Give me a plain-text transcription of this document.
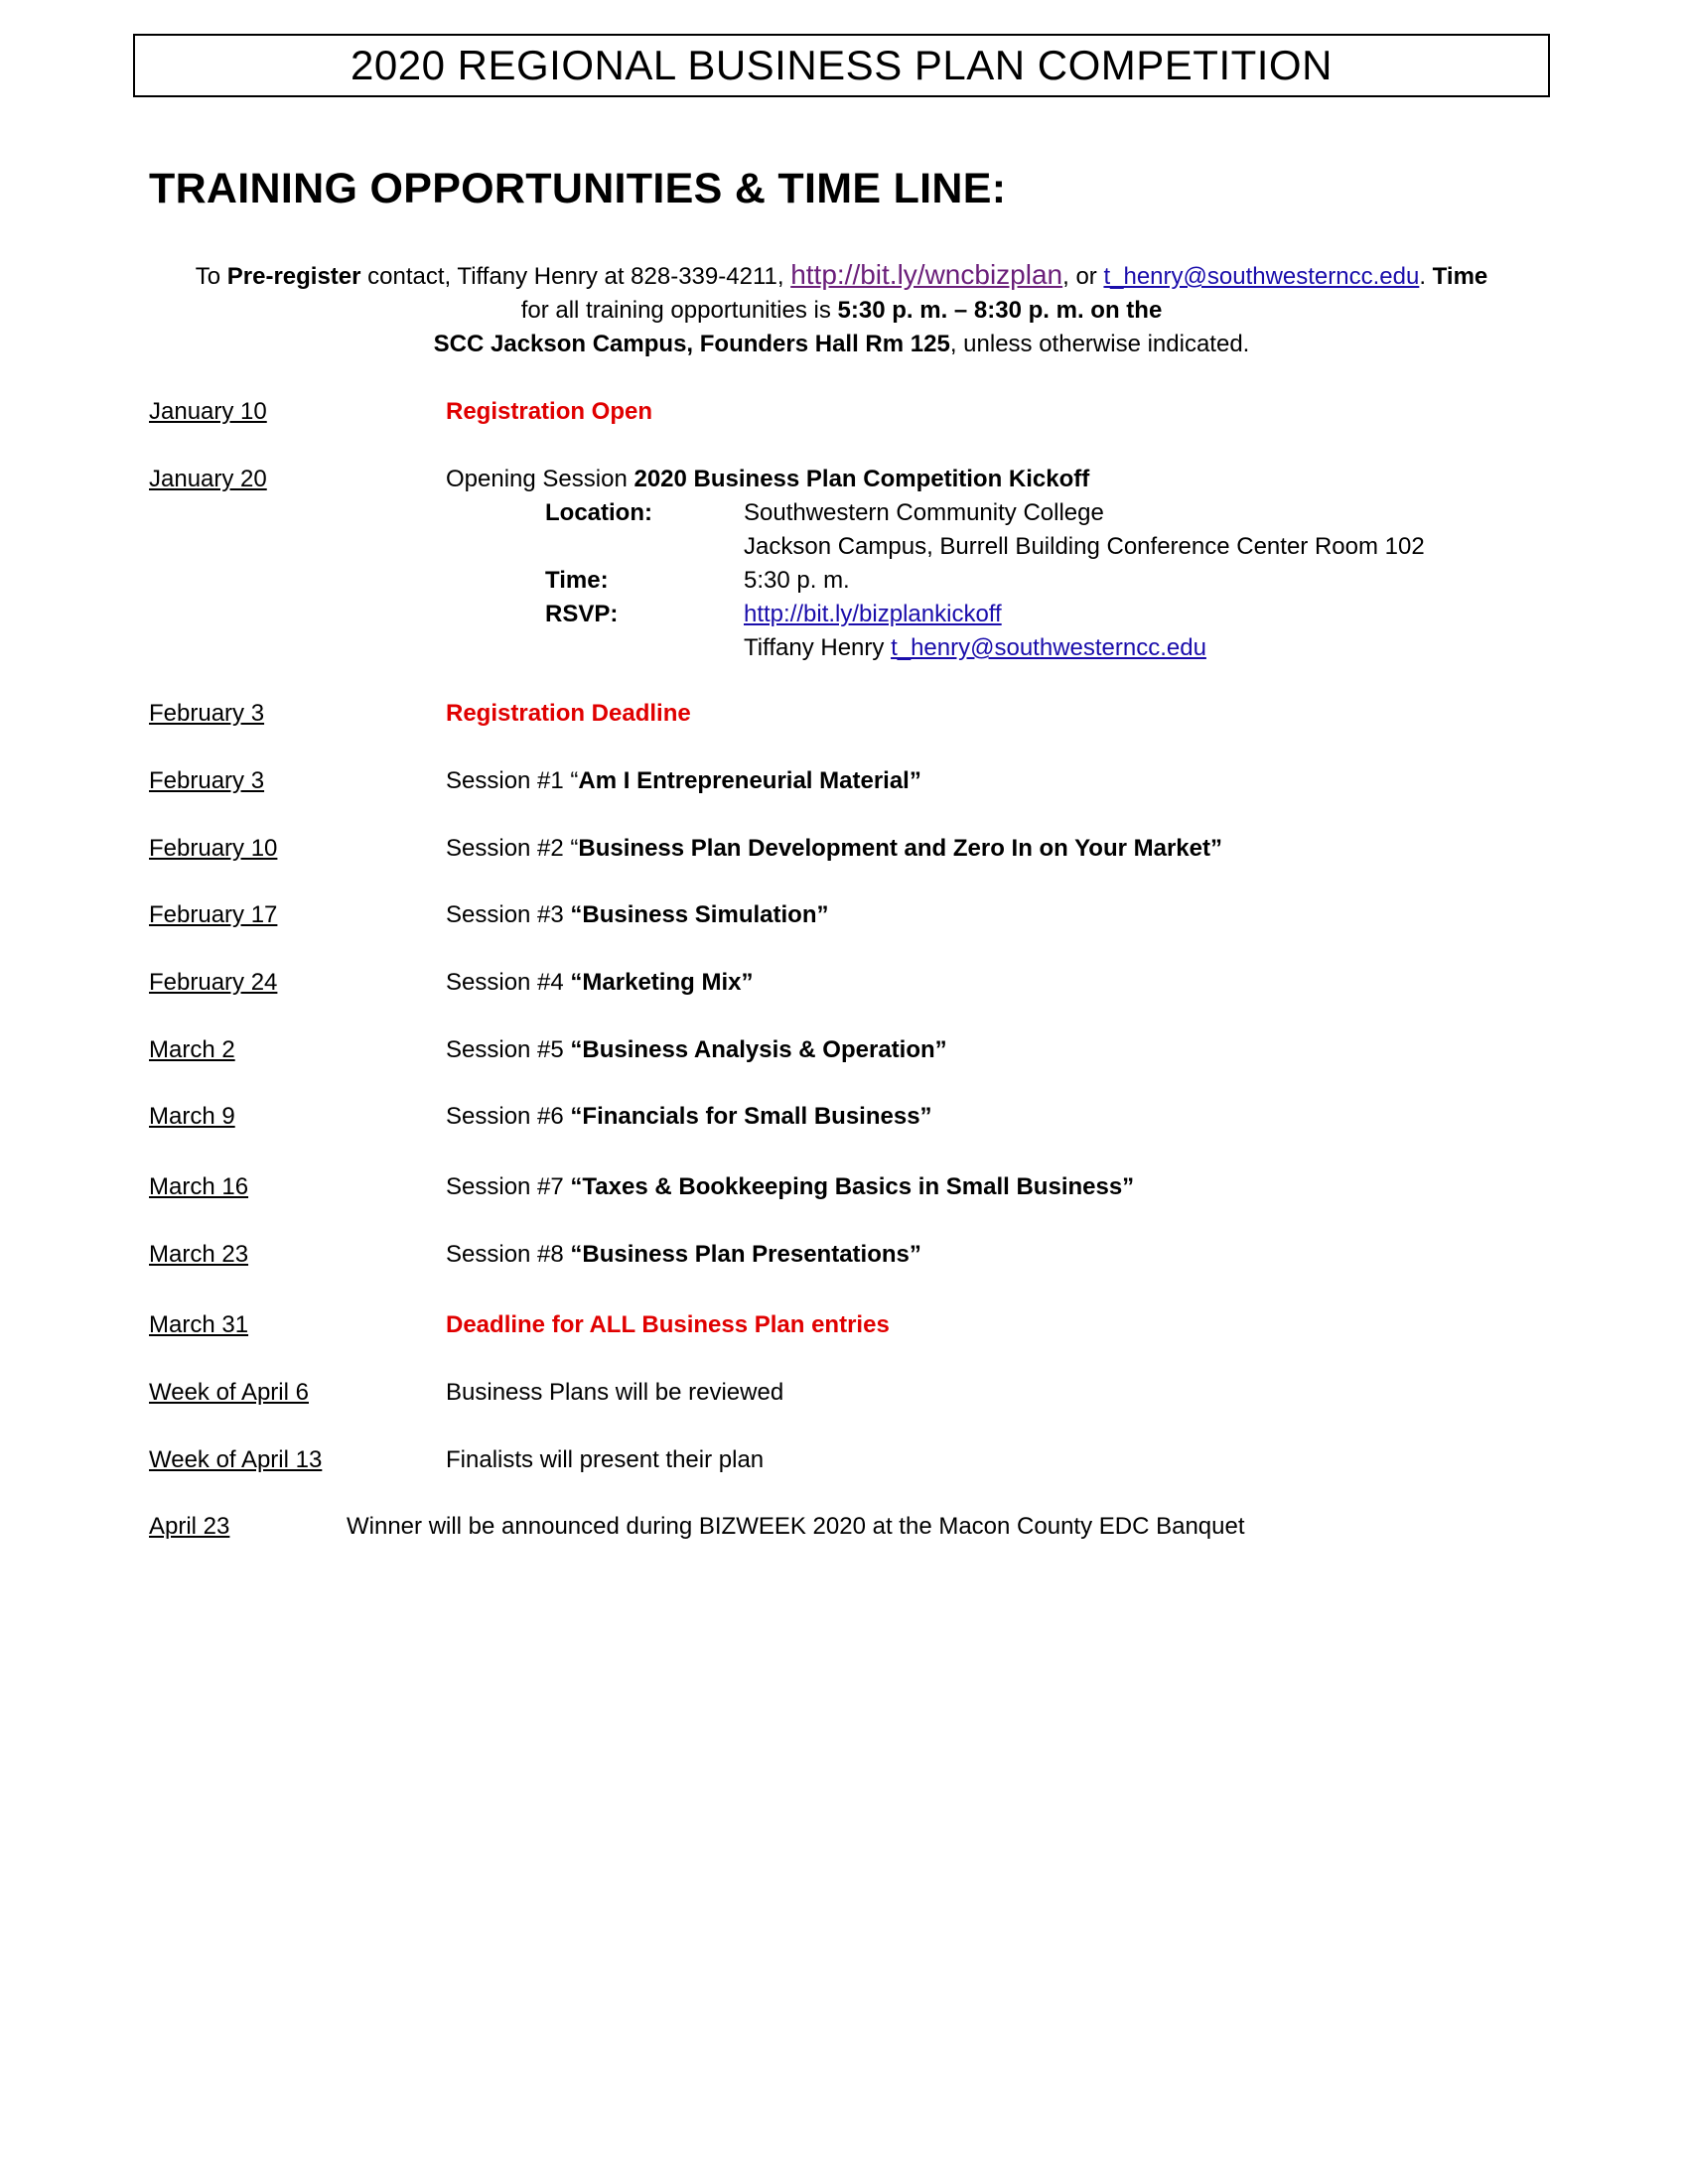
2020 REGIONAL BUSINESS PLAN COMPETITION
TRAINING OPPORTUNITIES & TIME LINE:
To Pre-register contact, Tiffany Henry at 828-339-4211, http://bit.ly/wncbizplan, or t_henry@southwesterncc.edu. Time
for all training opportunities is 5:30 p. m. – 8:30 p. m. on the
SCC Jackson Campus, Founders Hall Rm 125, unless otherwise indicated.
January 10	Registration Open
January 20	Opening Session 2020 Business Plan Competition Kickoff
Location:	Southwestern Community College
Jackson Campus, Burrell Building Conference Center Room 102
Time:	5:30 p. m.
RSVP:	http://bit.ly/bizplankickoff
Tiffany Henry t_henry@southwesterncc.edu
February 3	Registration Deadline
February 3	Session #1 “Am I Entrepreneurial Material”
February 10	Session #2 “Business Plan Development and Zero In on Your Market”
February 17	Session #3 “Business Simulation”
February 24	Session #4 “Marketing Mix”
March 2	Session #5 “Business Analysis & Operation”
March 9	Session #6 “Financials for Small Business”
March 16	Session #7 “Taxes & Bookkeeping Basics in Small Business”
March 23	Session #8 “Business Plan Presentations”
March 31	Deadline for ALL Business Plan entries
Week of April 6	Business Plans will be reviewed
Week of April 13	Finalists will present their plan
April 23	Winner will be announced during BIZWEEK 2020 at the Macon County EDC Banquet
